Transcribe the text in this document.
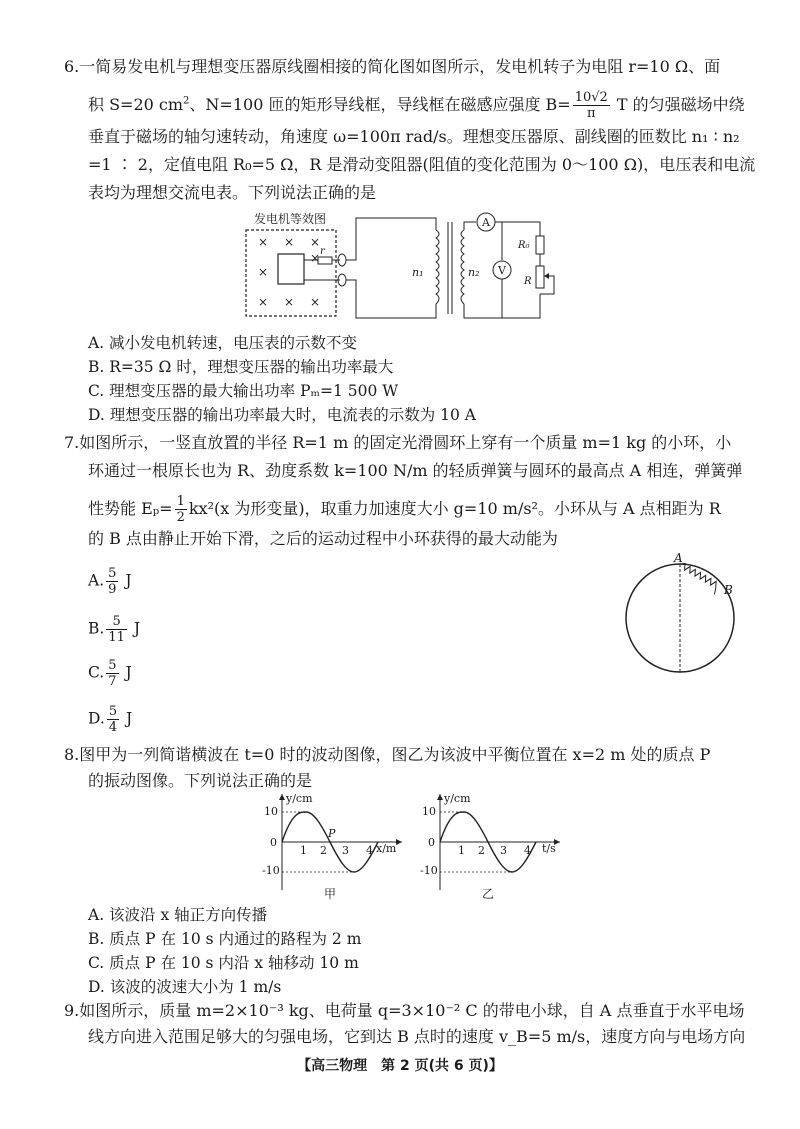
6.一简易发电机与理想变压器原线圈相接的简化图如图所示，发电机转子为电阻 r=10 Ω、面
积 S=20 $cm^2$、N=100 匝的矩形导线框，导线框在磁感应强度 $B= \frac{10√2}{\pi}$ T 的匀强磁场中绕
垂直于磁场的轴匀速转动，角速度 ω=100π rad/s。理想变压器原、副线圈的匝数比 n₁ ∶ n₂
=1 ∶ 2，定值电阻 R₀=5 Ω，R 是滑动变阻器(阻值的变化范围为 0～100 Ω)，电压表和电流
表均为理想交流电表。下列说法正确的是
发电机等效图
× × ×
×
×
× × ×
r
n₁	n₂
A
V
R₀
R
A. 减小发电机转速，电压表的示数不变
B. R=35 Ω 时，理想变压器的输出功率最大
C. 理想变压器的最大输出功率 Pₘ=1 500 W
D. 理想变压器的输出功率最大时，电流表的示数为 10 A
7.如图所示，一竖直放置的半径 R=1 m 的固定光滑圆环上穿有一个质量 m=1 kg 的小环，小
环通过一根原长也为 R、劲度系数 k=100 N/m 的轻质弹簧与圆环的最高点 A 相连，弹簧弹
性势能 $E_p= \frac{1}{2} kx^2(x$ 为形变量)，取重力加速度大小 g=10 m/s²。小环从与 A 点相距为 R
的 B 点由静止开始下滑，之后的运动过程中小环获得的最大动能为
A. $\frac{5}{9}$ J
B. $\frac{5}{11}$ J
C. $\frac{5}{7}$ J
D. $\frac{5}{4}$ J
A
B
8.图甲为一列简谐横波在 t=0 时的波动图像，图乙为该波中平衡位置在 x=2 m 处的质点 P
的振动图像。下列说法正确的是
y/cm
x/m
10
-10
0
1 2 3 4
P
甲
y/cm
t/s
10
-10
0
1 2 3 4
乙
A. 该波沿 x 轴正方向传播
B. 质点 P 在 10 s 内通过的路程为 2 m
C. 质点 P 在 10 s 内沿 x 轴移动 10 m
D. 该波的波速大小为 1 m/s
9.如图所示，质量 m=2×10⁻³ kg、电荷量 q=3×10⁻² C 的带电小球，自 A 点垂直于水平电场
线方向进入范围足够大的匀强电场，它到达 B 点时的速度 v_B=5 m/s，速度方向与电场方向
【高三物理　第 2 页(共 6 页)】
